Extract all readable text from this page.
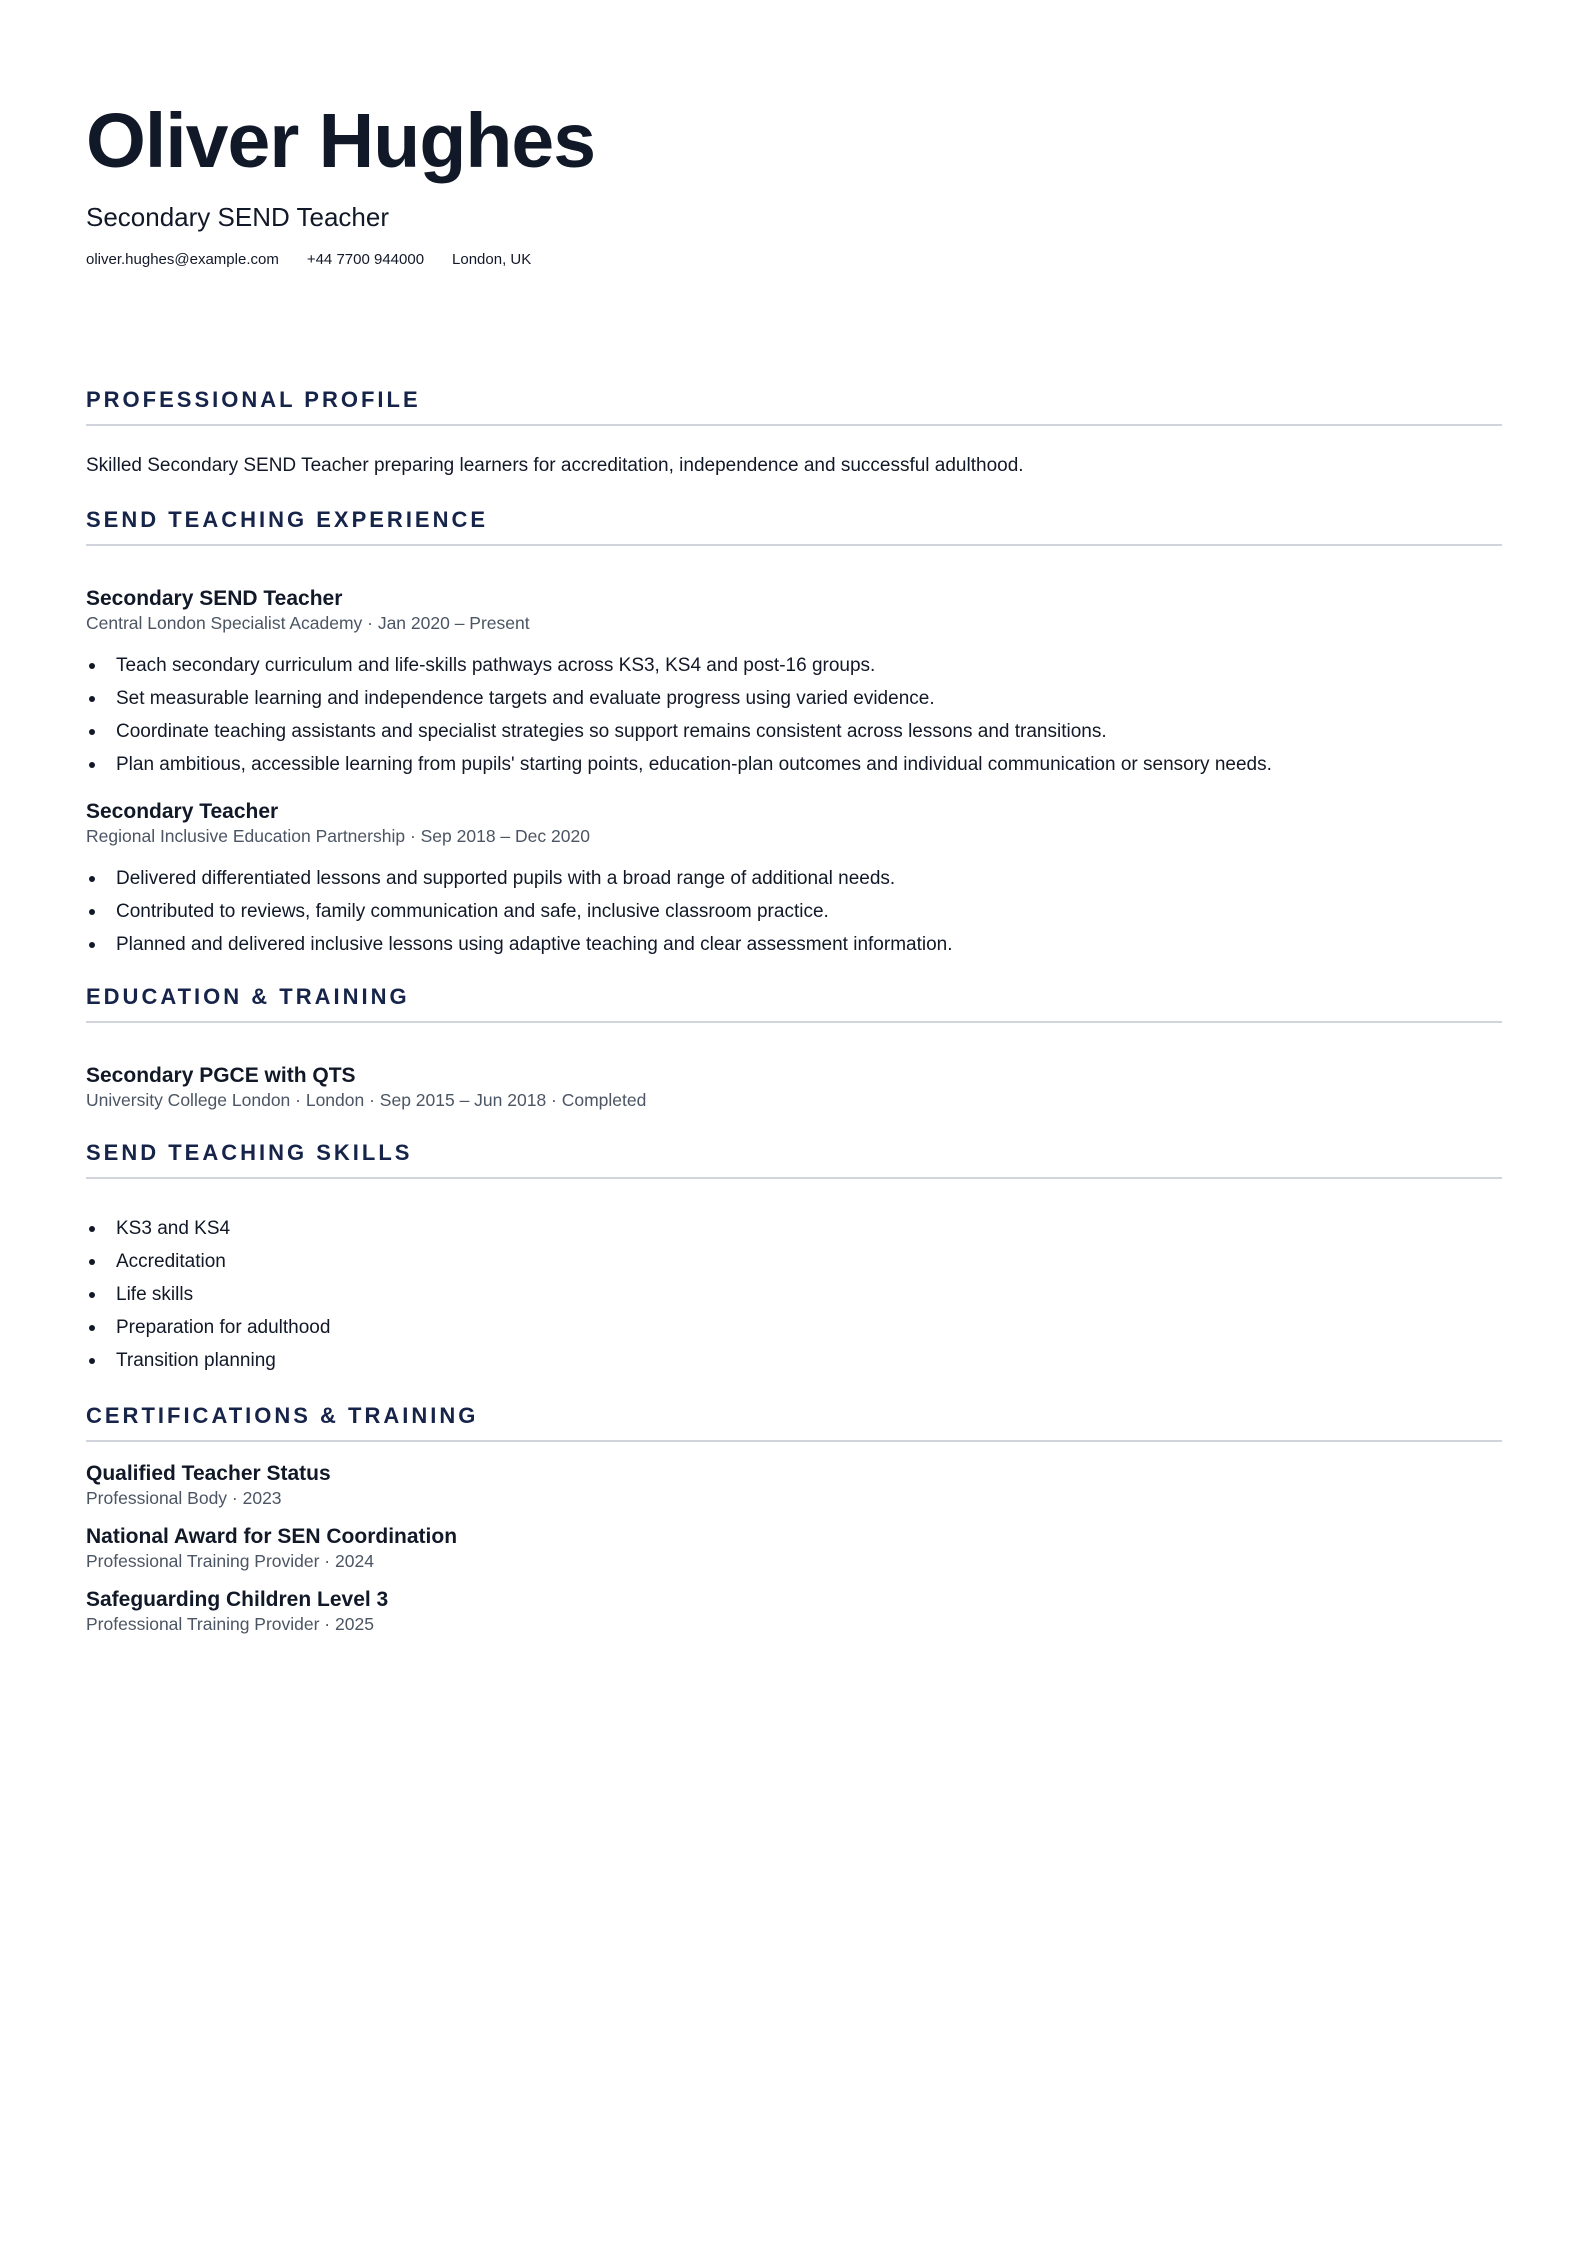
Oliver Hughes
Secondary SEND Teacher
oliver.hughes@example.com +44 7700 944000 London, UK
PROFESSIONAL PROFILE
Skilled Secondary SEND Teacher preparing learners for accreditation, independence and successful adulthood.
SEND TEACHING EXPERIENCE
Secondary SEND Teacher
Central London Specialist Academy · Jan 2020 – Present
Teach secondary curriculum and life-skills pathways across KS3, KS4 and post-16 groups.
Set measurable learning and independence targets and evaluate progress using varied evidence.
Coordinate teaching assistants and specialist strategies so support remains consistent across lessons and transitions.
Plan ambitious, accessible learning from pupils' starting points, education-plan outcomes and individual communication or sensory needs.
Secondary Teacher
Regional Inclusive Education Partnership · Sep 2018 – Dec 2020
Delivered differentiated lessons and supported pupils with a broad range of additional needs.
Contributed to reviews, family communication and safe, inclusive classroom practice.
Planned and delivered inclusive lessons using adaptive teaching and clear assessment information.
EDUCATION & TRAINING
Secondary PGCE with QTS
University College London · London · Sep 2015 – Jun 2018 · Completed
SEND TEACHING SKILLS
KS3 and KS4
Accreditation
Life skills
Preparation for adulthood
Transition planning
CERTIFICATIONS & TRAINING
Qualified Teacher Status
Professional Body · 2023
National Award for SEN Coordination
Professional Training Provider · 2024
Safeguarding Children Level 3
Professional Training Provider · 2025
